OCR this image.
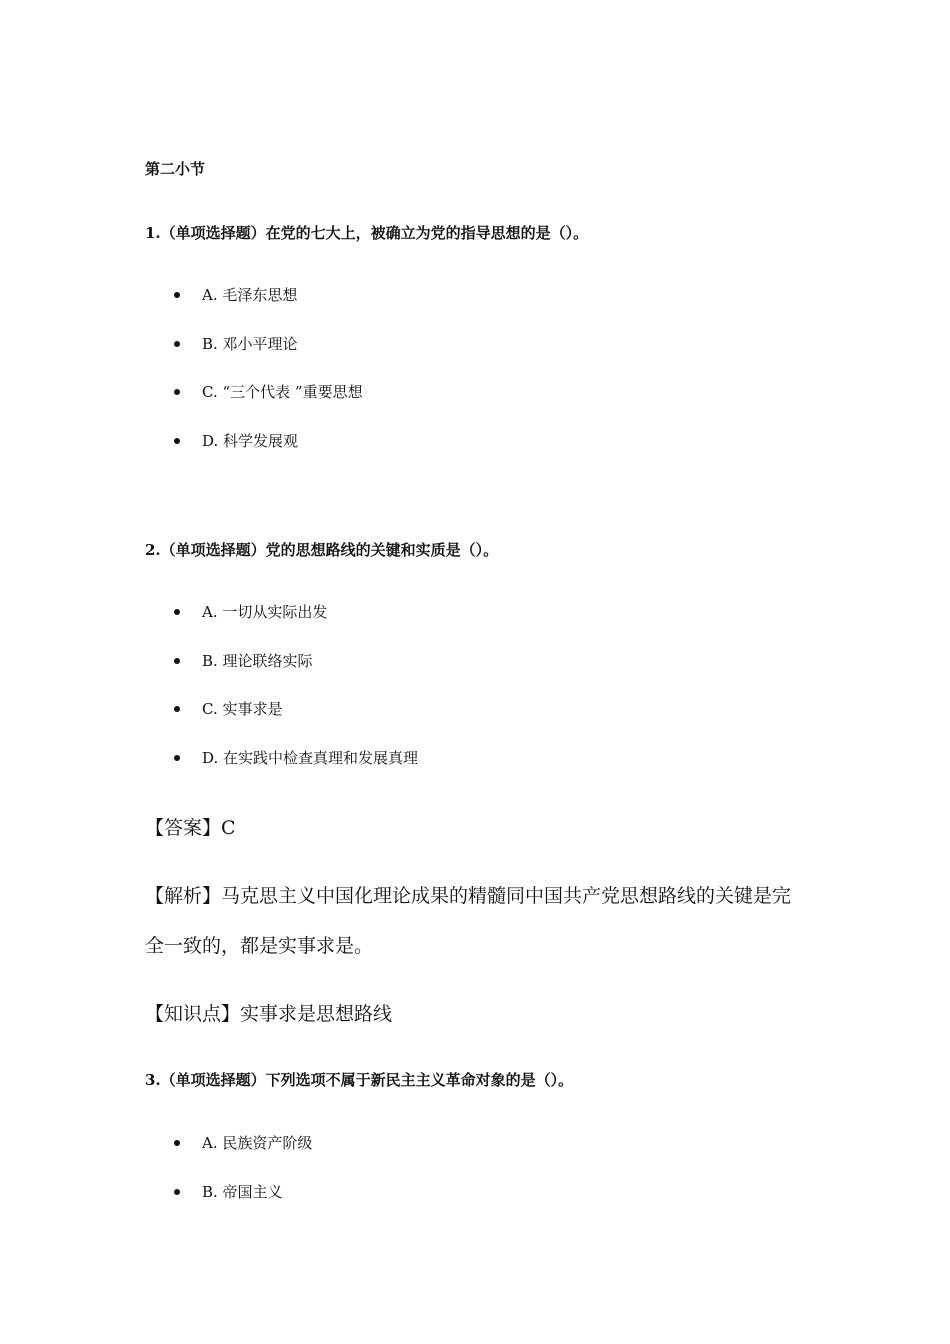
第二小节
1.（单项选择题）在党的七大上，被确立为党的指导思想的是（）。
A. 毛泽东思想
B. 邓小平理论
C. “三个代表 ”重要思想
D. 科学发展观
2.（单项选择题）党的思想路线的关键和实质是（）。
A. 一切从实际出发
B. 理论联络实际
C. 实事求是
D. 在实践中检查真理和发展真理
【答案】C
【解析】马克思主义中国化理论成果的精髓同中国共产党思想路线的关键是完
全一致的，都是实事求是。
【知识点】实事求是思想路线
3.（单项选择题）下列选项不属于新民主主义革命对象的是（）。
A. 民族资产阶级
B. 帝国主义
